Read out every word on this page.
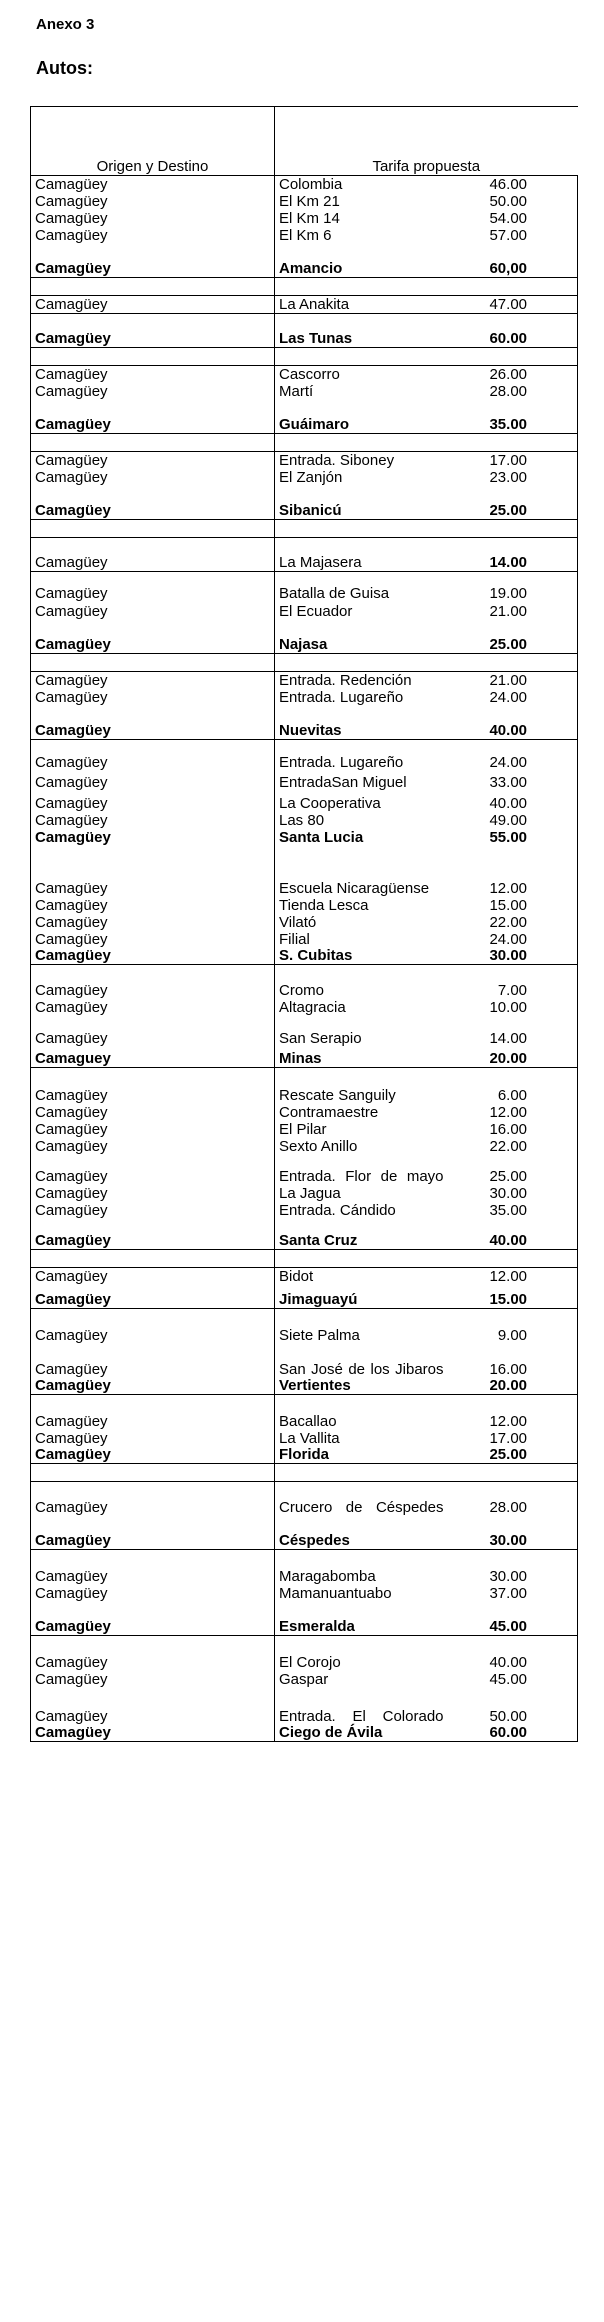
Anexo 3
Autos:
Origen y Destino	Tarifa propuesta	
Camagüey	Colombia	46.00
Camagüey	El Km 21	50.00
Camagüey	El Km 14	54.00
Camagüey	El Km 6	57.00
Camagüey	Amancio	60,00

Camagüey	La Anakita	47.00
Camagüey	Las Tunas	60.00

Camagüey	Cascorro	26.00
Camagüey	Martí	28.00
Camagüey	Guáimaro	35.00

Camagüey	Entrada. Siboney	17.00
Camagüey	El Zanjón	23.00
Camagüey	Sibanicú	25.00

Camagüey	La Majasera	14.00
Camagüey	Batalla de Guisa	19.00
Camagüey	El Ecuador	21.00
Camagüey	Najasa	25.00

Camagüey	Entrada. Redención	21.00
Camagüey	Entrada. Lugareño	24.00
Camagüey	Nuevitas	40.00
Camagüey	Entrada. Lugareño	24.00
Camagüey	EntradaSan Miguel	33.00
Camagüey	La Cooperativa	40.00
Camagüey	Las 80	49.00
Camagüey	Santa Lucia	55.00

Camagüey	Escuela Nicaragüense	12.00
Camagüey	Tienda Lesca	15.00
Camagüey	Vilató	22.00
Camagüey	Filial	24.00
Camagüey	S. Cubitas	30.00

Camagüey	Cromo	7.00
Camagüey	Altagracia	10.00
Camagüey	San Serapio	14.00
Camaguey	Minas	20.00

Camagüey	Rescate Sanguily	6.00
Camagüey	Contramaestre	12.00
Camagüey	El Pilar	16.00
Camagüey	Sexto Anillo	22.00
Camagüey	Entrada. Flor de mayo	25.00
Camagüey	La Jagua	30.00
Camagüey	Entrada. Cándido	35.00
Camagüey	Santa Cruz	40.00

Camagüey	Bidot	12.00
Camagüey	Jimaguayú	15.00

Camagüey	Siete Palma	9.00
Camagüey	San José de los Jibaros	16.00
Camagüey	Vertientes	20.00

Camagüey	Bacallao	12.00
Camagüey	La Vallita	17.00
Camagüey	Florida	25.00

Camagüey	Crucero de Céspedes	28.00
Camagüey	Céspedes	30.00

Camagüey	Maragabomba	30.00
Camagüey	Mamanuantuabo	37.00
Camagüey	Esmeralda	45.00

Camagüey	El Corojo	40.00
Camagüey	Gaspar	45.00
Camagüey	Entrada. El Colorado	50.00
Camagüey	Ciego de Ávila	60.00
